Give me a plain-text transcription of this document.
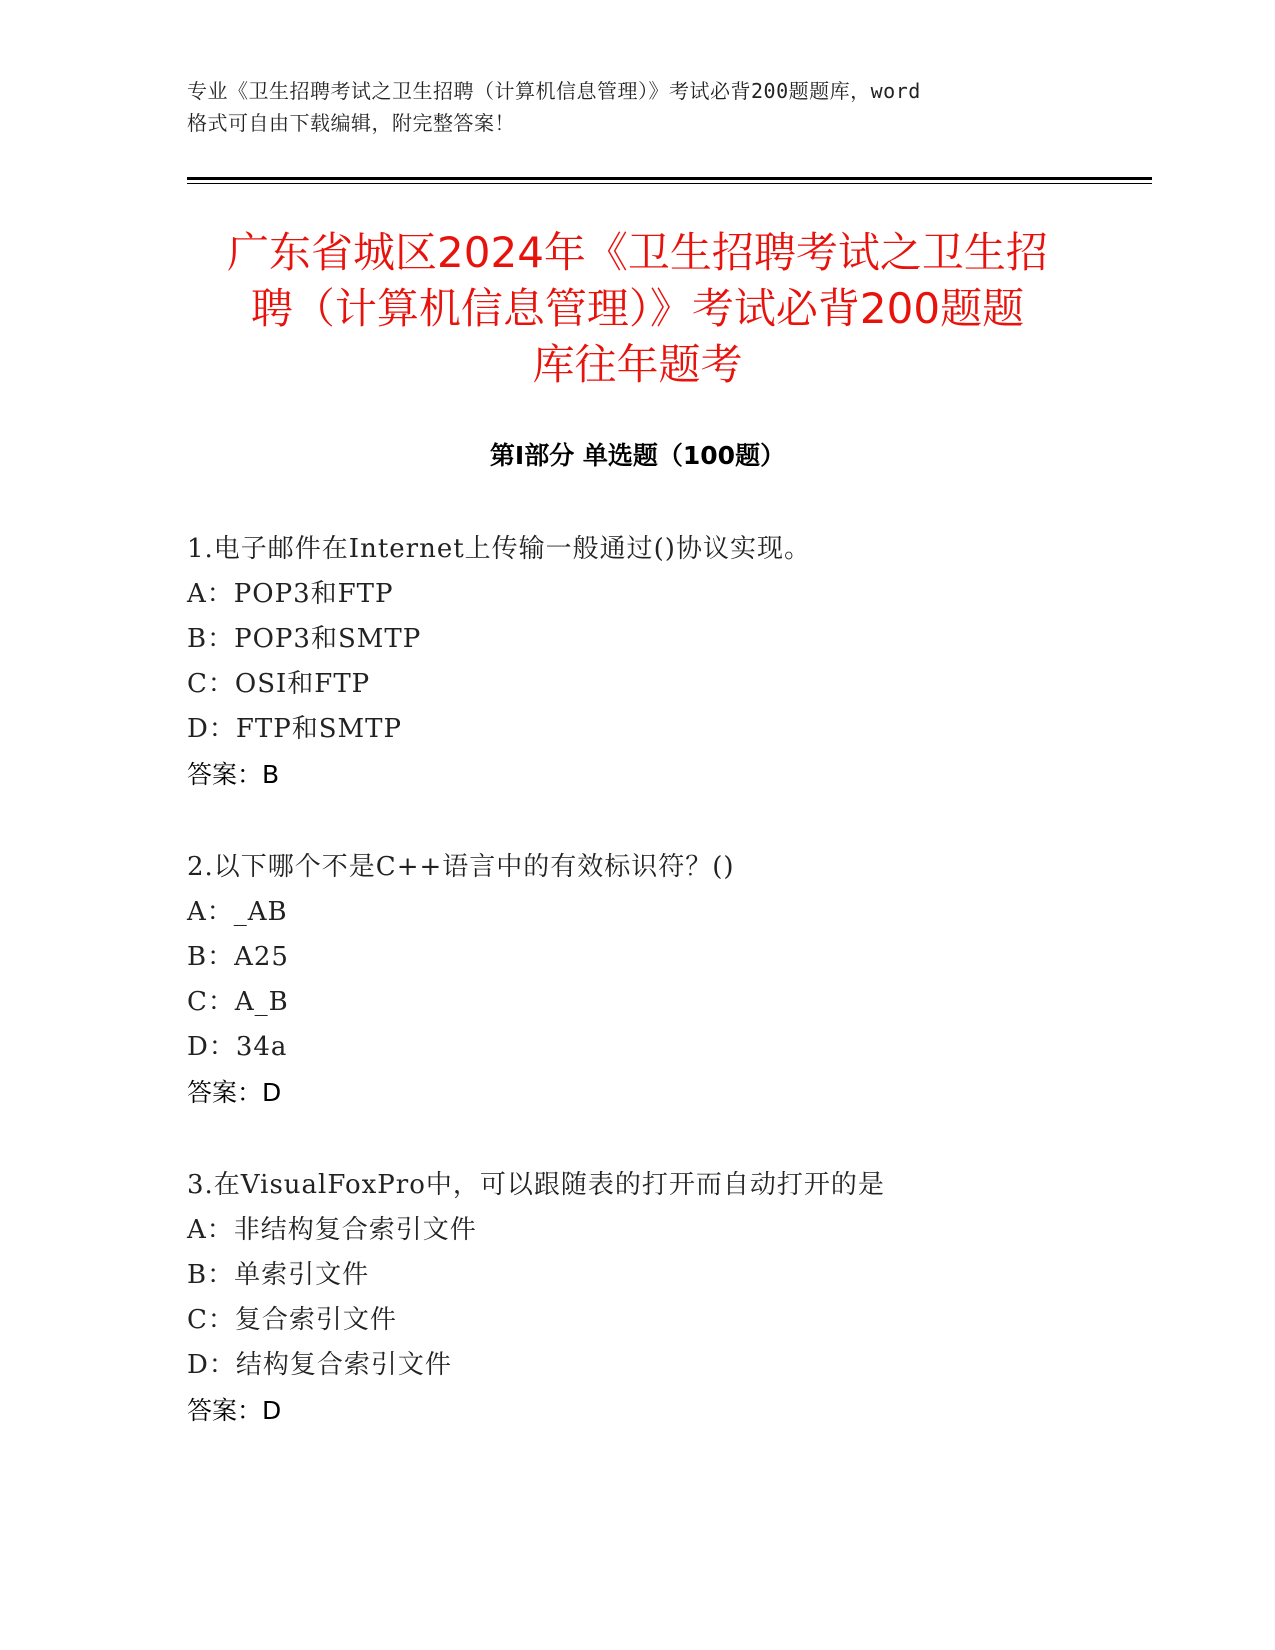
专业《卫生招聘考试之卫生招聘（计算机信息管理）》考试必背200题题库，word
格式可自由下载编辑，附完整答案！
广东省城区2024年《卫生招聘考试之卫生招
聘（计算机信息管理）》考试必背200题题
库往年题考
第I部分 单选题（100题）
1.电子邮件在Internet上传输一般通过()协议实现。
A：POP3和FTP
B：POP3和SMTP
C：OSI和FTP
D：FTP和SMTP
答案：B
2.以下哪个不是C++语言中的有效标识符？()
A：_AB
B：A25
C：A_B
D：34a
答案：D
3.在VisualFoxPro中，可以跟随表的打开而自动打开的是
A：非结构复合索引文件
B：单索引文件
C：复合索引文件
D：结构复合索引文件
答案：D
